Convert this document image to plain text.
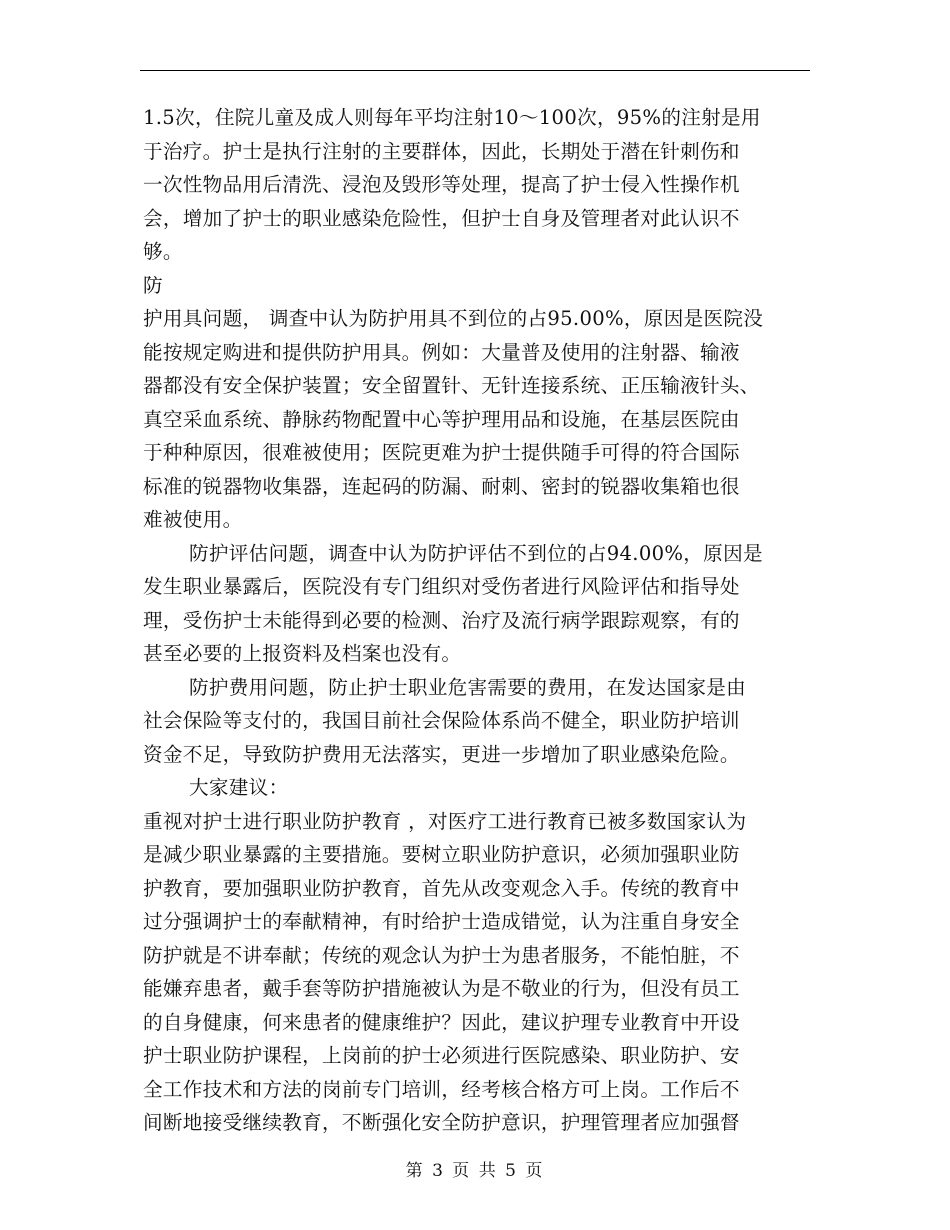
1.5次，住院儿童及成人则每年平均注射10～100次，95%的注射是用
于治疗。护士是执行注射的主要群体，因此，长期处于潜在针刺伤和
一次性物品用后清洗、浸泡及毁形等处理，提高了护士侵入性操作机
会，增加了护士的职业感染危险性，但护士自身及管理者对此认识不
够。
防
护用具问题， 调查中认为防护用具不到位的占95.00%，原因是医院没
能按规定购进和提供防护用具。例如：大量普及使用的注射器、输液
器都没有安全保护装置；安全留置针、无针连接系统、正压输液针头、
真空采血系统、静脉药物配置中心等护理用品和设施，在基层医院由
于种种原因，很难被使用；医院更难为护士提供随手可得的符合国际
标准的锐器物收集器，连起码的防漏、耐刺、密封的锐器收集箱也很
难被使用。
防护评估问题，调查中认为防护评估不到位的占94.00%，原因是
发生职业暴露后，医院没有专门组织对受伤者进行风险评估和指导处
理，受伤护士未能得到必要的检测、治疗及流行病学跟踪观察，有的
甚至必要的上报资料及档案也没有。
防护费用问题，防止护士职业危害需要的费用，在发达国家是由
社会保险等支付的，我国目前社会保险体系尚不健全，职业防护培训
资金不足，导致防护费用无法落实，更进一步增加了职业感染危险。
大家建议：
重视对护士进行职业防护教育 ，对医疗工进行教育已被多数国家认为
是减少职业暴露的主要措施。要树立职业防护意识，必须加强职业防
护教育，要加强职业防护教育，首先从改变观念入手。传统的教育中
过分强调护士的奉献精神，有时给护士造成错觉，认为注重自身安全
防护就是不讲奉献；传统的观念认为护士为患者服务，不能怕脏，不
能嫌弃患者，戴手套等防护措施被认为是不敬业的行为，但没有员工
的自身健康，何来患者的健康维护？因此，建议护理专业教育中开设
护士职业防护课程，上岗前的护士必须进行医院感染、职业防护、安
全工作技术和方法的岗前专门培训，经考核合格方可上岗。工作后不
间断地接受继续教育，不断强化安全防护意识，护理管理者应加强督
第 3 页 共 5 页
